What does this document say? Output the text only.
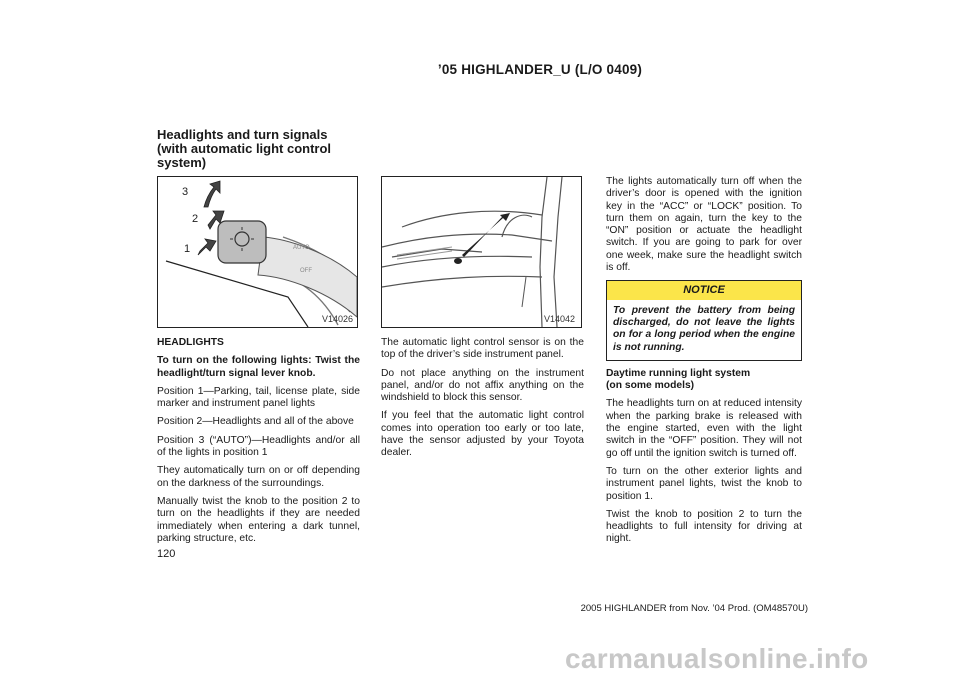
’05 HIGHLANDER_U (L/O 0409)
Headlights and turn signals
(with automatic light control
system)
AUTO
OFF
3
2
1
V14026	V14042

HEADLIGHTS

To turn on the following lights: Twist the headlight/turn signal lever knob.

Position 1—Parking, tail, license plate, side marker and instrument panel lights

Position 2—Headlights and all of the above

Position 3 (“AUTO”)—Headlights and/or all of the lights in position 1

They automatically turn on or off depending on the darkness of the surroundings.

Manually twist the knob to the position 2 to turn on the headlights if they are needed immediately when entering a dark tunnel, parking structure, etc.

The automatic light control sensor is on the top of the driver’s side instrument panel.

Do not place anything on the instrument panel, and/or do not affix anything on the windshield to block this sensor.

If you feel that the automatic light control comes into operation too early or too late, have the sensor adjusted by your Toyota dealer.

The lights automatically turn off when the driver’s door is opened with the ignition key in the “ACC” or “LOCK” position. To turn them on again, turn the key to the “ON” position or actuate the headlight switch. If you are going to park for over one week, make sure the headlight switch is off.

NOTICE
To prevent the battery from being discharged, do not leave the lights on for a long period when the engine is not running.
Daytime running light system

(on some models)

The headlights turn on at reduced intensity when the parking brake is released with the engine started, even with the light switch in the “OFF” position. They will not go off until the ignition switch is turned off.

To turn on the other exterior lights and instrument panel lights, twist the knob to position 1.

Twist the knob to position 2 to turn the headlights to full intensity for driving at night.

120
2005 HIGHLANDER from Nov. ’04 Prod. (OM48570U)
carmanualsonline.info
